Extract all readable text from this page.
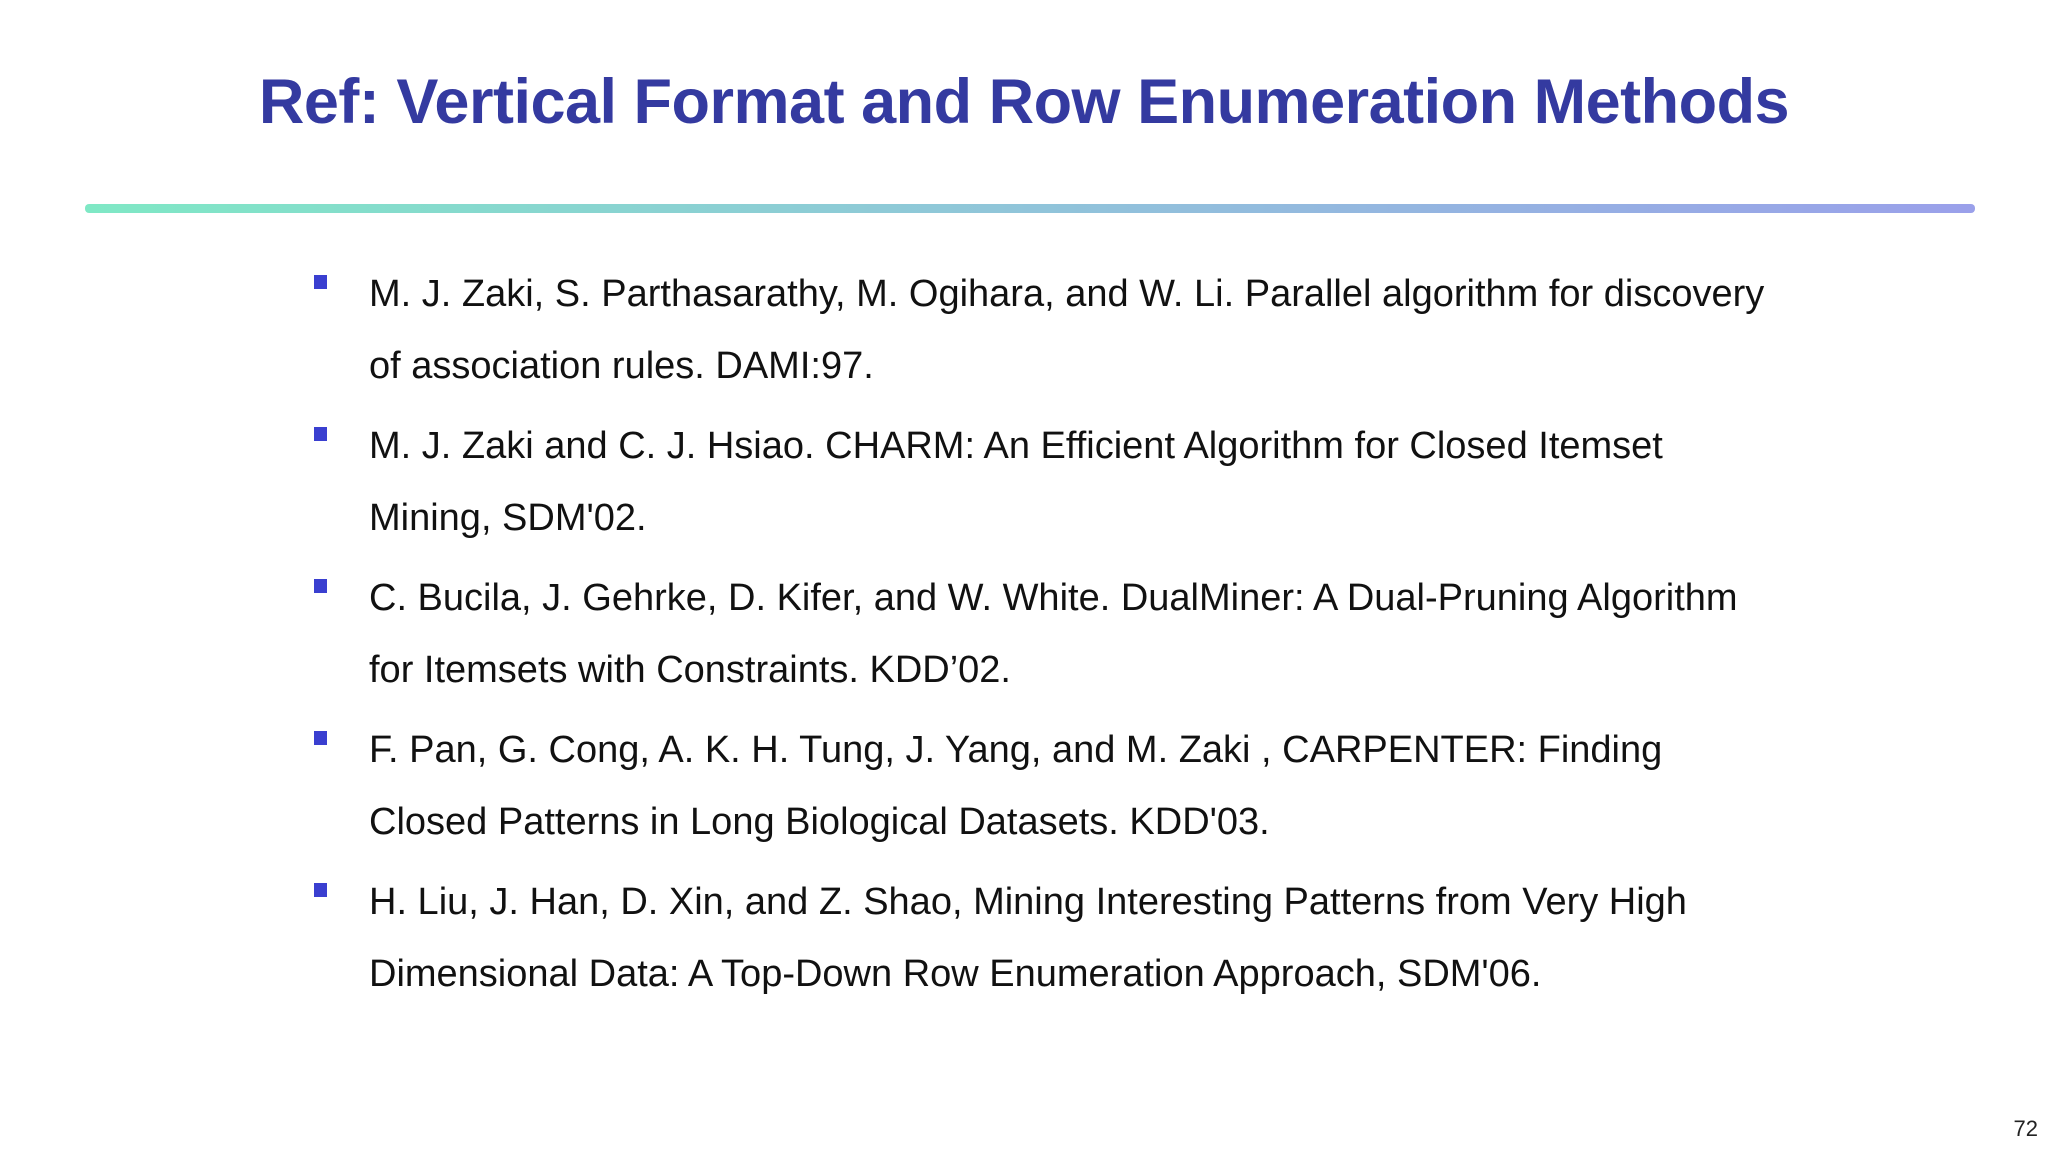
Ref: Vertical Format and Row Enumeration Methods
M. J. Zaki, S. Parthasarathy, M. Ogihara, and W. Li. Parallel algorithm for discovery of association rules. DAMI:97.
M. J. Zaki and C. J. Hsiao. CHARM: An Efficient Algorithm for Closed Itemset Mining, SDM'02.
C. Bucila, J. Gehrke, D. Kifer, and W. White. DualMiner: A Dual-Pruning Algorithm for Itemsets with Constraints. KDD’02.
F. Pan, G. Cong, A. K. H. Tung, J. Yang, and M. Zaki , CARPENTER: Finding Closed Patterns in Long Biological Datasets. KDD'03.
H. Liu, J. Han, D. Xin, and Z. Shao, Mining Interesting Patterns from Very High Dimensional Data: A Top-Down Row Enumeration Approach, SDM'06.
72
